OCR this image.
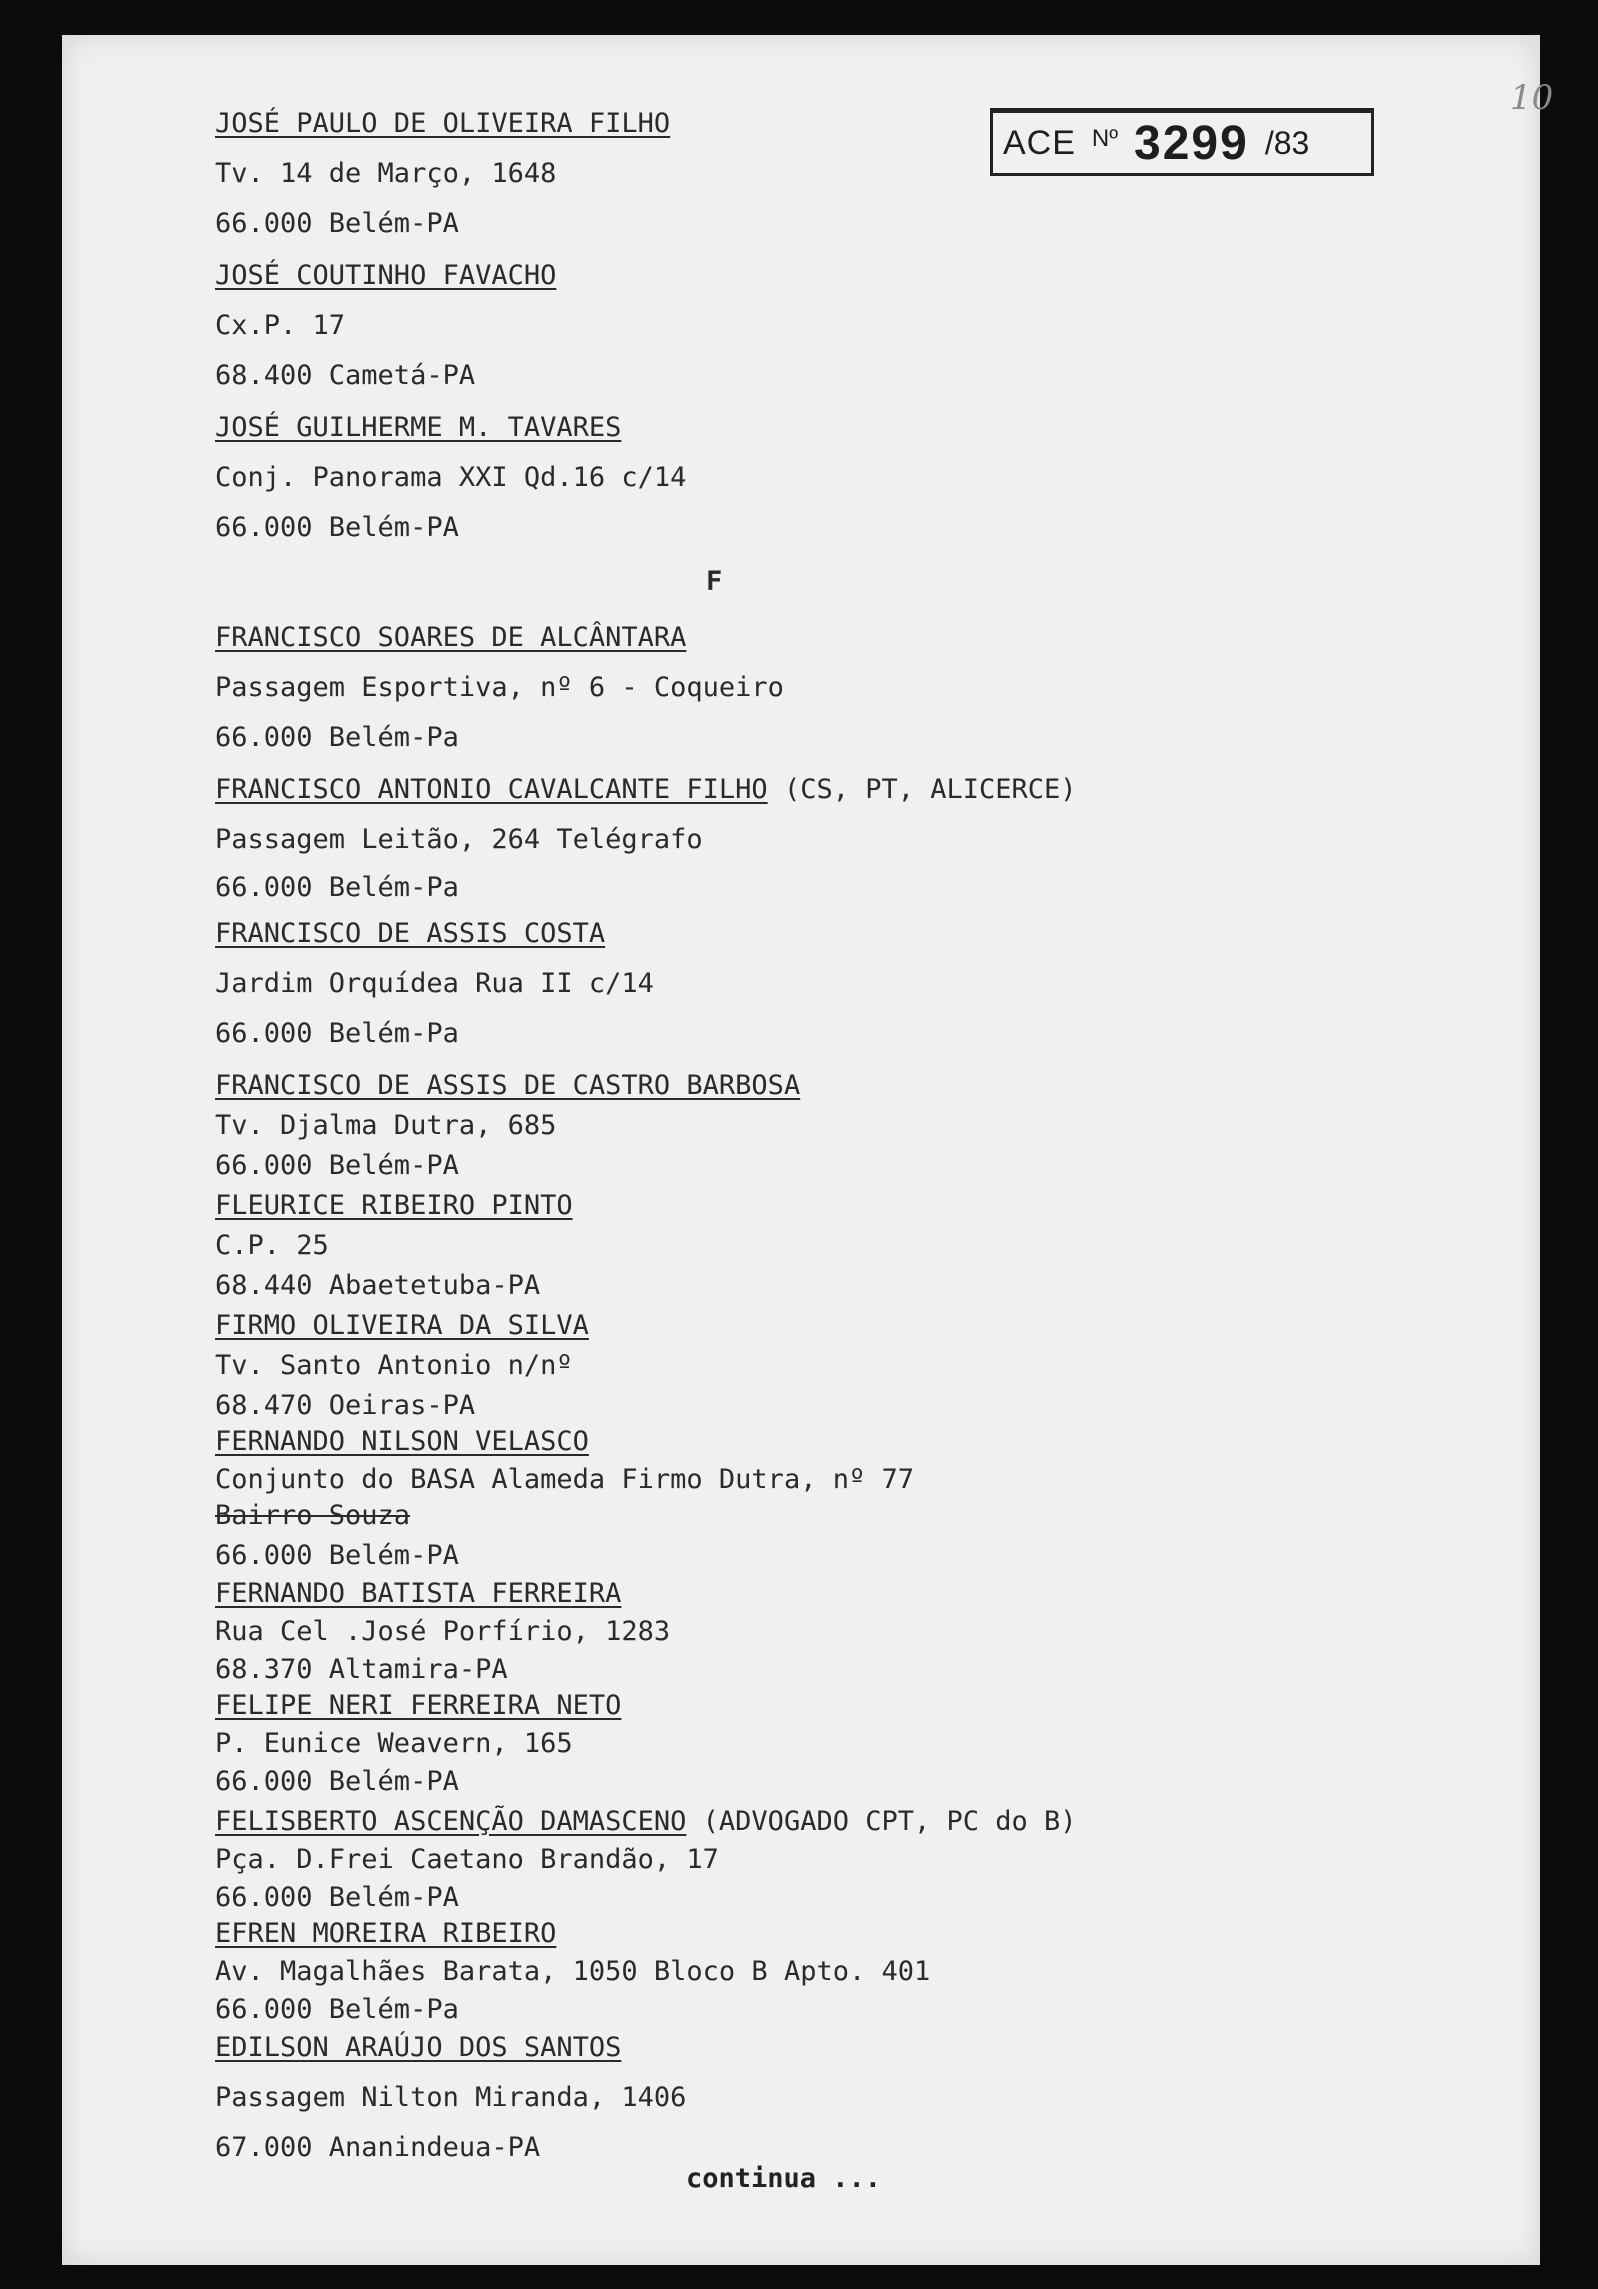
10
ACE Nº 3299 /83
F
JOSÉ PAULO DE OLIVEIRA FILHO
Tv. 14 de Março, 1648
66.000 Belém-PA
JOSÉ COUTINHO FAVACHO
Cx.P. 17
68.400 Cametá-PA
JOSÉ GUILHERME M. TAVARES
Conj. Panorama XXI Qd.16 c/14
66.000 Belém-PA
FRANCISCO SOARES DE ALCÂNTARA
Passagem Esportiva, nº 6 - Coqueiro
66.000 Belém-Pa
FRANCISCO ANTONIO CAVALCANTE FILHO (CS, PT, ALICERCE)
Passagem Leitão, 264 Telégrafo
66.000 Belém-Pa
FRANCISCO DE ASSIS COSTA
Jardim Orquídea Rua II c/14
66.000 Belém-Pa
FRANCISCO DE ASSIS DE CASTRO BARBOSA
Tv. Djalma Dutra, 685
66.000 Belém-PA
FLEURICE RIBEIRO PINTO
C.P. 25
68.440 Abaetetuba-PA
FIRMO OLIVEIRA DA SILVA
Tv. Santo Antonio n/nº
68.470 Oeiras-PA
FERNANDO NILSON VELASCO
Conjunto do BASA Alameda Firmo Dutra, nº 77
Bairro Souza
66.000 Belém-PA
FERNANDO BATISTA FERREIRA
Rua Cel .José Porfírio, 1283
68.370 Altamira-PA
FELIPE NERI FERREIRA NETO
P. Eunice Weavern, 165
66.000 Belém-PA
FELISBERTO ASCENÇÃO DAMASCENO (ADVOGADO CPT, PC do B)
Pça. D.Frei Caetano Brandão, 17
66.000 Belém-PA
EFREN MOREIRA RIBEIRO
Av. Magalhães Barata, 1050 Bloco B Apto. 401
66.000 Belém-Pa
EDILSON ARAÚJO DOS SANTOS
Passagem Nilton Miranda, 1406
67.000 Ananindeua-PA
continua ...
